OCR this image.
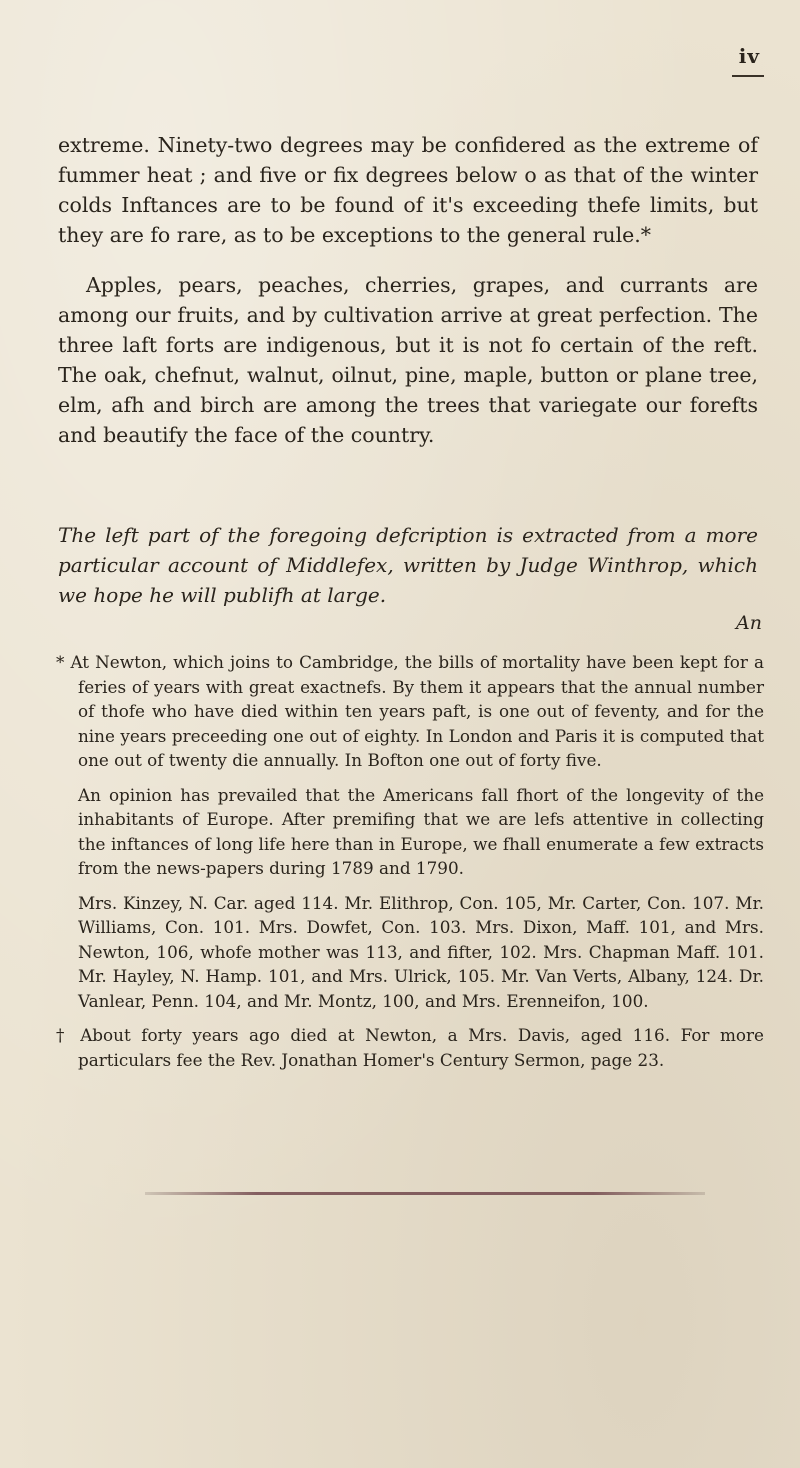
iv

extreme. Ninety-two degrees may be confidered as the extreme of fummer heat ; and five or fix degrees below o as that of the winter colds Inftances are to be found of it's exceeding thefe limits, but they are fo rare, as to be exceptions to the general rule.*

Apples, pears, peaches, cherries, grapes, and currants are among our fruits, and by cultivation arrive at great perfection. The three laft forts are indigenous, but it is not fo certain of the reft. The oak, chefnut, walnut, oilnut, pine, maple, button or plane tree, elm, afh and birch are among the trees that variegate our forefts and beautify the face of the country.

The left part of the foregoing defcription is extracted from a more particular account of Middlefex, written by Judge Winthrop, which we hope he will publifh at large.

An

* At Newton, which joins to Cambridge, the bills of mortality have been kept for a feries of years with great exactnefs. By them it appears that the annual number of thofe who have died within ten years paft, is one out of feventy, and for the nine years preceeding one out of eighty. In London and Paris it is computed that one out of twenty die annually. In Bofton one out of forty five.

An opinion has prevailed that the Americans fall fhort of the longevity of the inhabitants of Europe. After premifing that we are lefs attentive in collecting the inftances of long life here than in Europe, we fhall enumerate a few extracts from the news-papers during 1789 and 1790.

Mrs. Kinzey, N. Car. aged 114. Mr. Elithrop, Con. 105, Mr. Carter, Con. 107. Mr. Williams, Con. 101. Mrs. Dowfet, Con. 103. Mrs. Dixon, Maff. 101, and Mrs. Newton, 106, whofe mother was 113, and fifter, 102. Mrs. Chapman Maff. 101. Mr. Hayley, N. Hamp. 101, and Mrs. Ulrick, 105. Mr. Van Verts, Albany, 124. Dr. Vanlear, Penn. 104, and Mr. Montz, 100, and Mrs. Erenneifon, 100.

† About forty years ago died at Newton, a Mrs. Davis, aged 116. For more particulars fee the Rev. Jonathan Homer's Century Sermon, page 23.
